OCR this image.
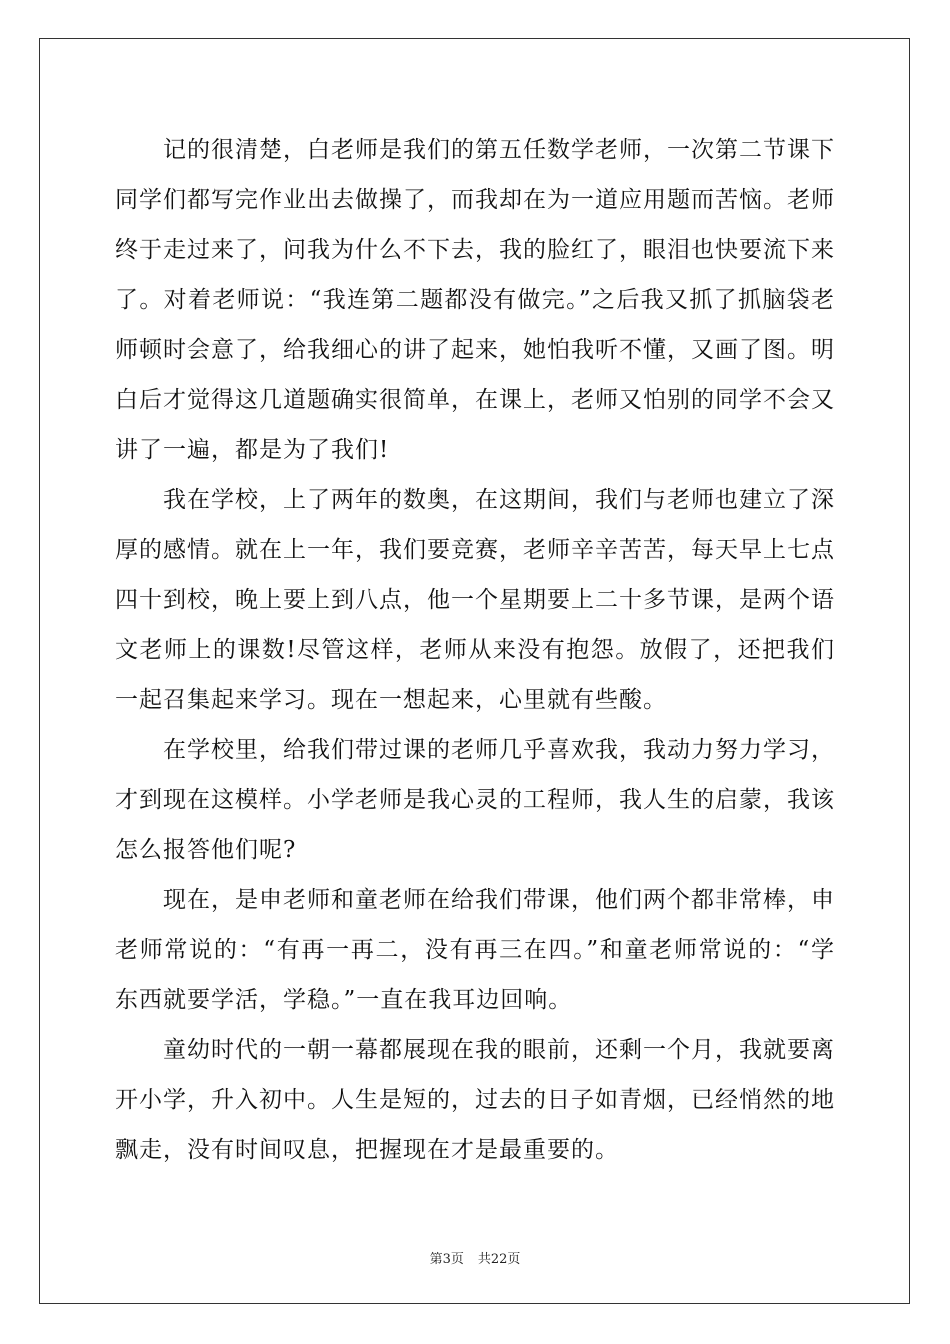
记的很清楚，白老师是我们的第五任数学老师，一次第二节课下同学们都写完作业出去做操了，而我却在为一道应用题而苦恼。老师终于走过来了，问我为什么不下去，我的脸红了，眼泪也快要流下来了。对着老师说：“我连第二题都没有做完。”之后我又抓了抓脑袋老师顿时会意了，给我细心的讲了起来，她怕我听不懂，又画了图。明白后才觉得这几道题确实很简单，在课上，老师又怕别的同学不会又讲了一遍，都是为了我们!

我在学校，上了两年的数奥，在这期间，我们与老师也建立了深厚的感情。就在上一年，我们要竞赛，老师辛辛苦苦，每天早上七点四十到校，晚上要上到八点，他一个星期要上二十多节课，是两个语文老师上的课数!尽管这样，老师从来没有抱怨。放假了，还把我们一起召集起来学习。现在一想起来，心里就有些酸。

在学校里，给我们带过课的老师几乎喜欢我，我动力努力学习，才到现在这模样。小学老师是我心灵的工程师，我人生的启蒙，我该怎么报答他们呢?

现在，是申老师和童老师在给我们带课，他们两个都非常棒，申老师常说的：“有再一再二，没有再三在四。”和童老师常说的：“学东西就要学活，学稳。”一直在我耳边回响。

童幼时代的一朝一幕都展现在我的眼前，还剩一个月，我就要离开小学，升入初中。人生是短的，过去的日子如青烟，已经悄然的地飘走，没有时间叹息，把握现在才是最重要的。

第3页 共22页
